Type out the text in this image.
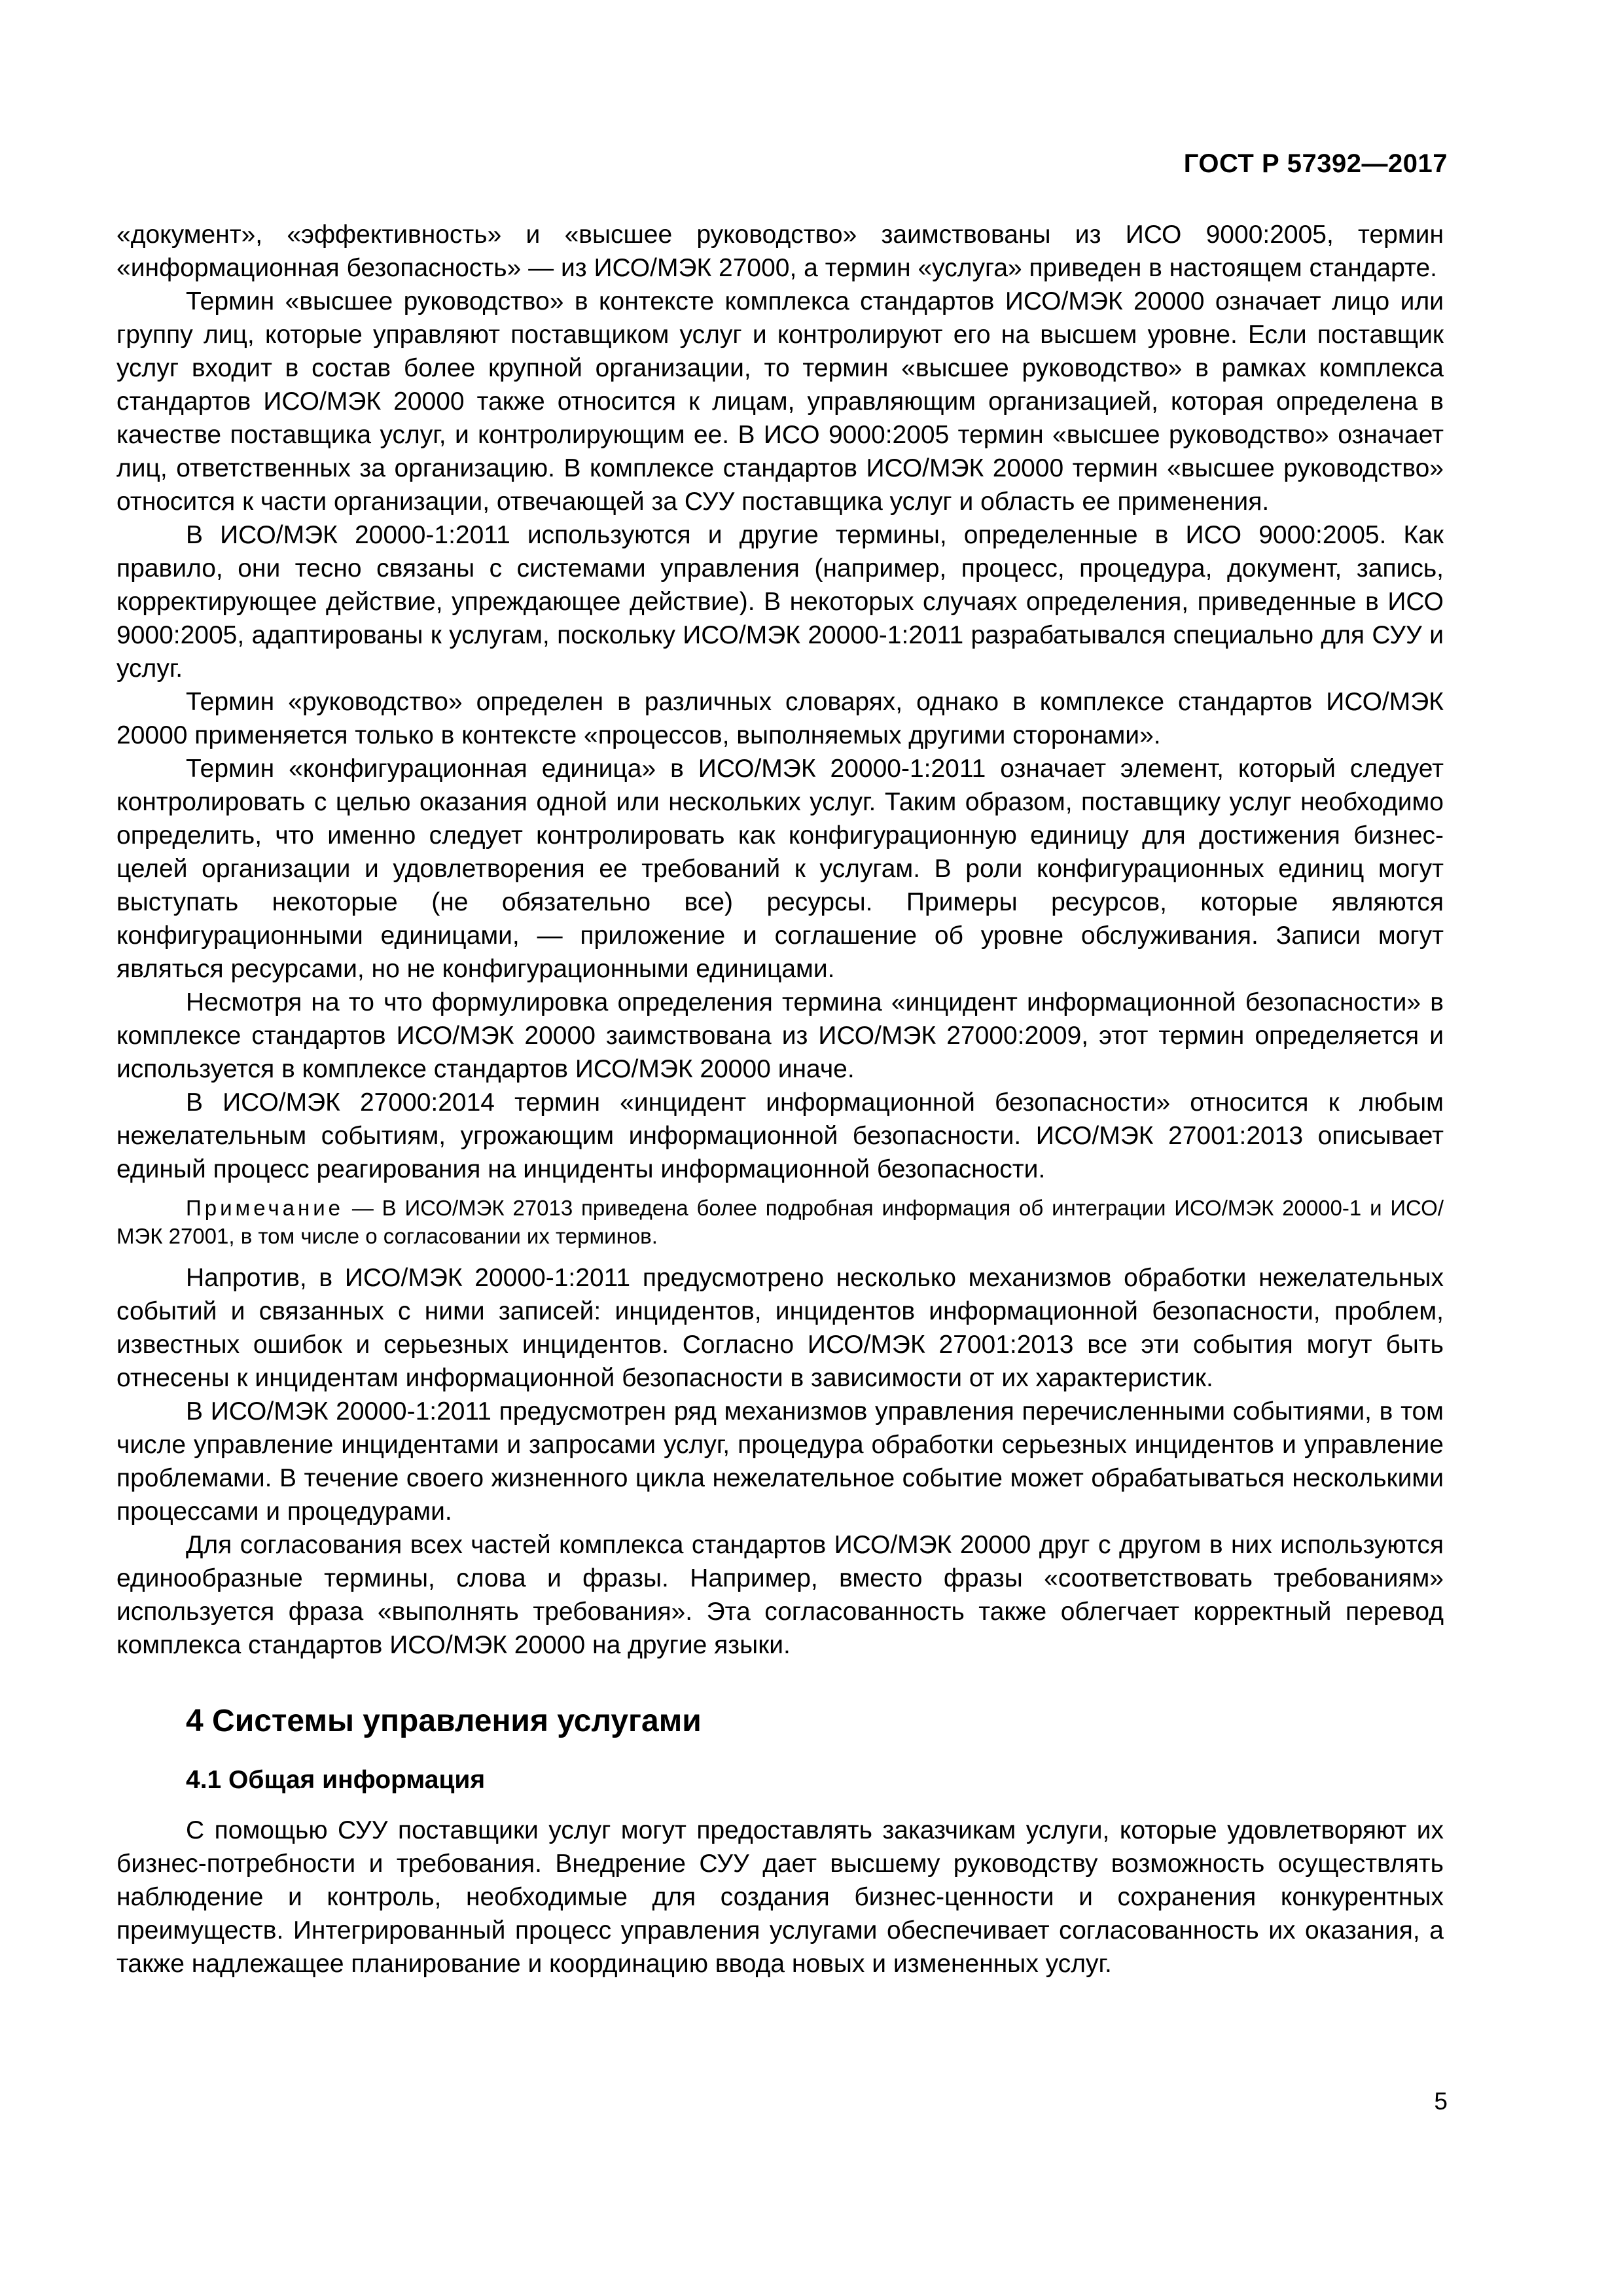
ГОСТ Р 57392—2017

«документ», «эффективность» и «высшее руководство» заимствованы из ИСО 9000:2005, термин «информационная безопасность» — из ИСО/МЭК 27000, а термин «услуга» приведен в настоящем стандарте.

Термин «высшее руководство» в контексте комплекса стандартов ИСО/МЭК 20000 означает лицо или группу лиц, которые управляют поставщиком услуг и контролируют его на высшем уровне. Если поставщик услуг входит в состав более крупной организации, то термин «высшее руководство» в рамках комплекса стандартов ИСО/МЭК 20000 также относится к лицам, управляющим организацией, которая определена в качестве поставщика услуг, и контролирующим ее. В ИСО 9000:2005 термин «высшее руководство» означает лиц, ответственных за организацию. В комплексе стандартов ИСО/МЭК 20000 термин «высшее руководство» относится к части организации, отвечающей за СУУ поставщика услуг и область ее применения.

В ИСО/МЭК 20000-1:2011 используются и другие термины, определенные в ИСО 9000:2005. Как правило, они тесно связаны с системами управления (например, процесс, процедура, документ, запись, корректирующее действие, упреждающее действие). В некоторых случаях определения, приведенные в ИСО 9000:2005, адаптированы к услугам, поскольку ИСО/МЭК 20000-1:2011 разрабатывался специально для СУУ и услуг.

Термин «руководство» определен в различных словарях, однако в комплексе стандартов ИСО/МЭК 20000 применяется только в контексте «процессов, выполняемых другими сторонами».

Термин «конфигурационная единица» в ИСО/МЭК 20000-1:2011 означает элемент, который следует контролировать с целью оказания одной или нескольких услуг. Таким образом, поставщику услуг необходимо определить, что именно следует контролировать как конфигурационную единицу для достижения бизнес-целей организации и удовлетворения ее требований к услугам. В роли конфигурационных единиц могут выступать некоторые (не обязательно все) ресурсы. Примеры ресурсов, которые являются конфигурационными единицами, — приложение и соглашение об уровне обслуживания. Записи могут являться ресурсами, но не конфигурационными единицами.

Несмотря на то что формулировка определения термина «инцидент информационной безопасности» в комплексе стандартов ИСО/МЭК 20000 заимствована из ИСО/МЭК 27000:2009, этот термин определяется и используется в комплексе стандартов ИСО/МЭК 20000 иначе.

В ИСО/МЭК 27000:2014 термин «инцидент информационной безопасности» относится к любым нежелательным событиям, угрожающим информационной безопасности. ИСО/МЭК 27001:2013 описывает единый процесс реагирования на инциденты информационной безопасности.

Примечание — В ИСО/МЭК 27013 приведена более подробная информация об интеграции ИСО/МЭК 20000-1 и ИСО/МЭК 27001, в том числе о согласовании их терминов.

Напротив, в ИСО/МЭК 20000-1:2011 предусмотрено несколько механизмов обработки нежелательных событий и связанных с ними записей: инцидентов, инцидентов информационной безопасности, проблем, известных ошибок и серьезных инцидентов. Согласно ИСО/МЭК 27001:2013 все эти события могут быть отнесены к инцидентам информационной безопасности в зависимости от их характеристик.

В ИСО/МЭК 20000-1:2011 предусмотрен ряд механизмов управления перечисленными событиями, в том числе управление инцидентами и запросами услуг, процедура обработки серьезных инцидентов и управление проблемами. В течение своего жизненного цикла нежелательное событие может обрабатываться несколькими процессами и процедурами.

Для согласования всех частей комплекса стандартов ИСО/МЭК 20000 друг с другом в них используются единообразные термины, слова и фразы. Например, вместо фразы «соответствовать требованиям» используется фраза «выполнять требования». Эта согласованность также облегчает корректный перевод комплекса стандартов ИСО/МЭК 20000 на другие языки.

4 Системы управления услугами
4.1 Общая информация

С помощью СУУ поставщики услуг могут предоставлять заказчикам услуги, которые удовлетворяют их бизнес-потребности и требования. Внедрение СУУ дает высшему руководству возможность осуществлять наблюдение и контроль, необходимые для создания бизнес-ценности и сохранения конкурентных преимуществ. Интегрированный процесс управления услугами обеспечивает согласованность их оказания, а также надлежащее планирование и координацию ввода новых и измененных услуг.

5
